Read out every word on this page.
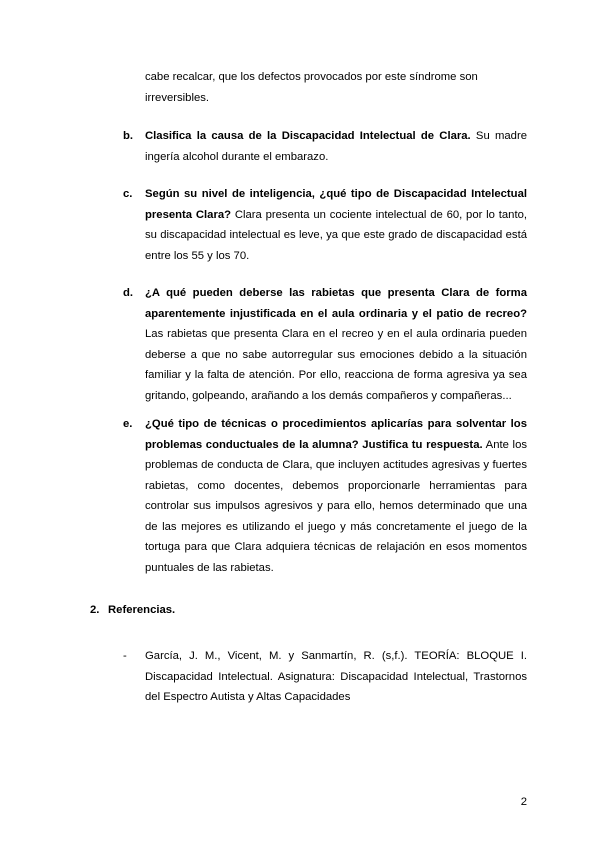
cabe recalcar, que los defectos provocados por este síndrome son
irreversibles.
b. Clasifica la causa de la Discapacidad Intelectual de Clara. Su madre ingería alcohol durante el embarazo.
c. Según su nivel de inteligencia, ¿qué tipo de Discapacidad Intelectual presenta Clara? Clara presenta un cociente intelectual de 60, por lo tanto, su discapacidad intelectual es leve, ya que este grado de discapacidad está entre los 55 y los 70.
d. ¿A qué pueden deberse las rabietas que presenta Clara de forma aparentemente injustificada en el aula ordinaria y el patio de recreo? Las rabietas que presenta Clara en el recreo y en el aula ordinaria pueden deberse a que no sabe autorregular sus emociones debido a la situación familiar y la falta de atención. Por ello, reacciona de forma agresiva ya sea gritando, golpeando, arañando a los demás compañeros y compañeras...
e. ¿Qué tipo de técnicas o procedimientos aplicarías para solventar los problemas conductuales de la alumna? Justifica tu respuesta. Ante los problemas de conducta de Clara, que incluyen actitudes agresivas y fuertes rabietas, como docentes, debemos proporcionarle herramientas para controlar sus impulsos agresivos y para ello, hemos determinado que una de las mejores es utilizando el juego y más concretamente el juego de la tortuga para que Clara adquiera técnicas de relajación en esos momentos puntuales de las rabietas.
2. Referencias.
- García, J. M., Vicent, M. y Sanmartín, R. (s,f.). TEORÍA: BLOQUE I. Discapacidad Intelectual. Asignatura: Discapacidad Intelectual, Trastornos del Espectro Autista y Altas Capacidades
2
